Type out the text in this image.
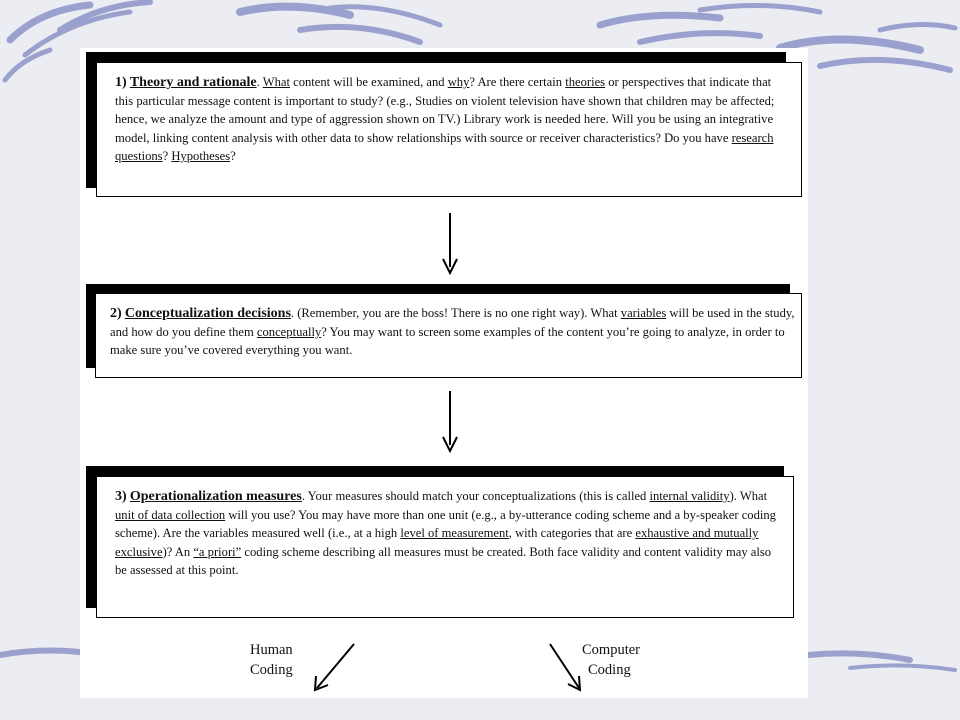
1) Theory and rationale. What content will be examined, and why? Are there certain theories or perspectives that indicate that this particular message content is important to study? (e.g., Studies on violent television have shown that children may be affected; hence, we analyze the amount and type of aggression shown on TV.) Library work is needed here. Will you be using an integrative model, linking content analysis with other data to show relationships with source or receiver characteristics? Do you have research questions? Hypotheses?
2) Conceptualization decisions. (Remember, you are the boss! There is no one right way). What variables will be used in the study, and how do you define them conceptually? You may want to screen some examples of the content you’re going to analyze, in order to make sure you’ve covered everything you want.
3) Operationalization measures. Your measures should match your conceptualizations (this is called internal validity). What unit of data collection will you use? You may have more than one unit (e.g., a by-utterance coding scheme and a by-speaker coding scheme). Are the variables measured well (i.e., at a high level of measurement, with categories that are exhaustive and mutually exclusive)? An “a priori” coding scheme describing all measures must be created. Both face validity and content validity may also be assessed at this point.
Human
Coding
Computer
Coding
